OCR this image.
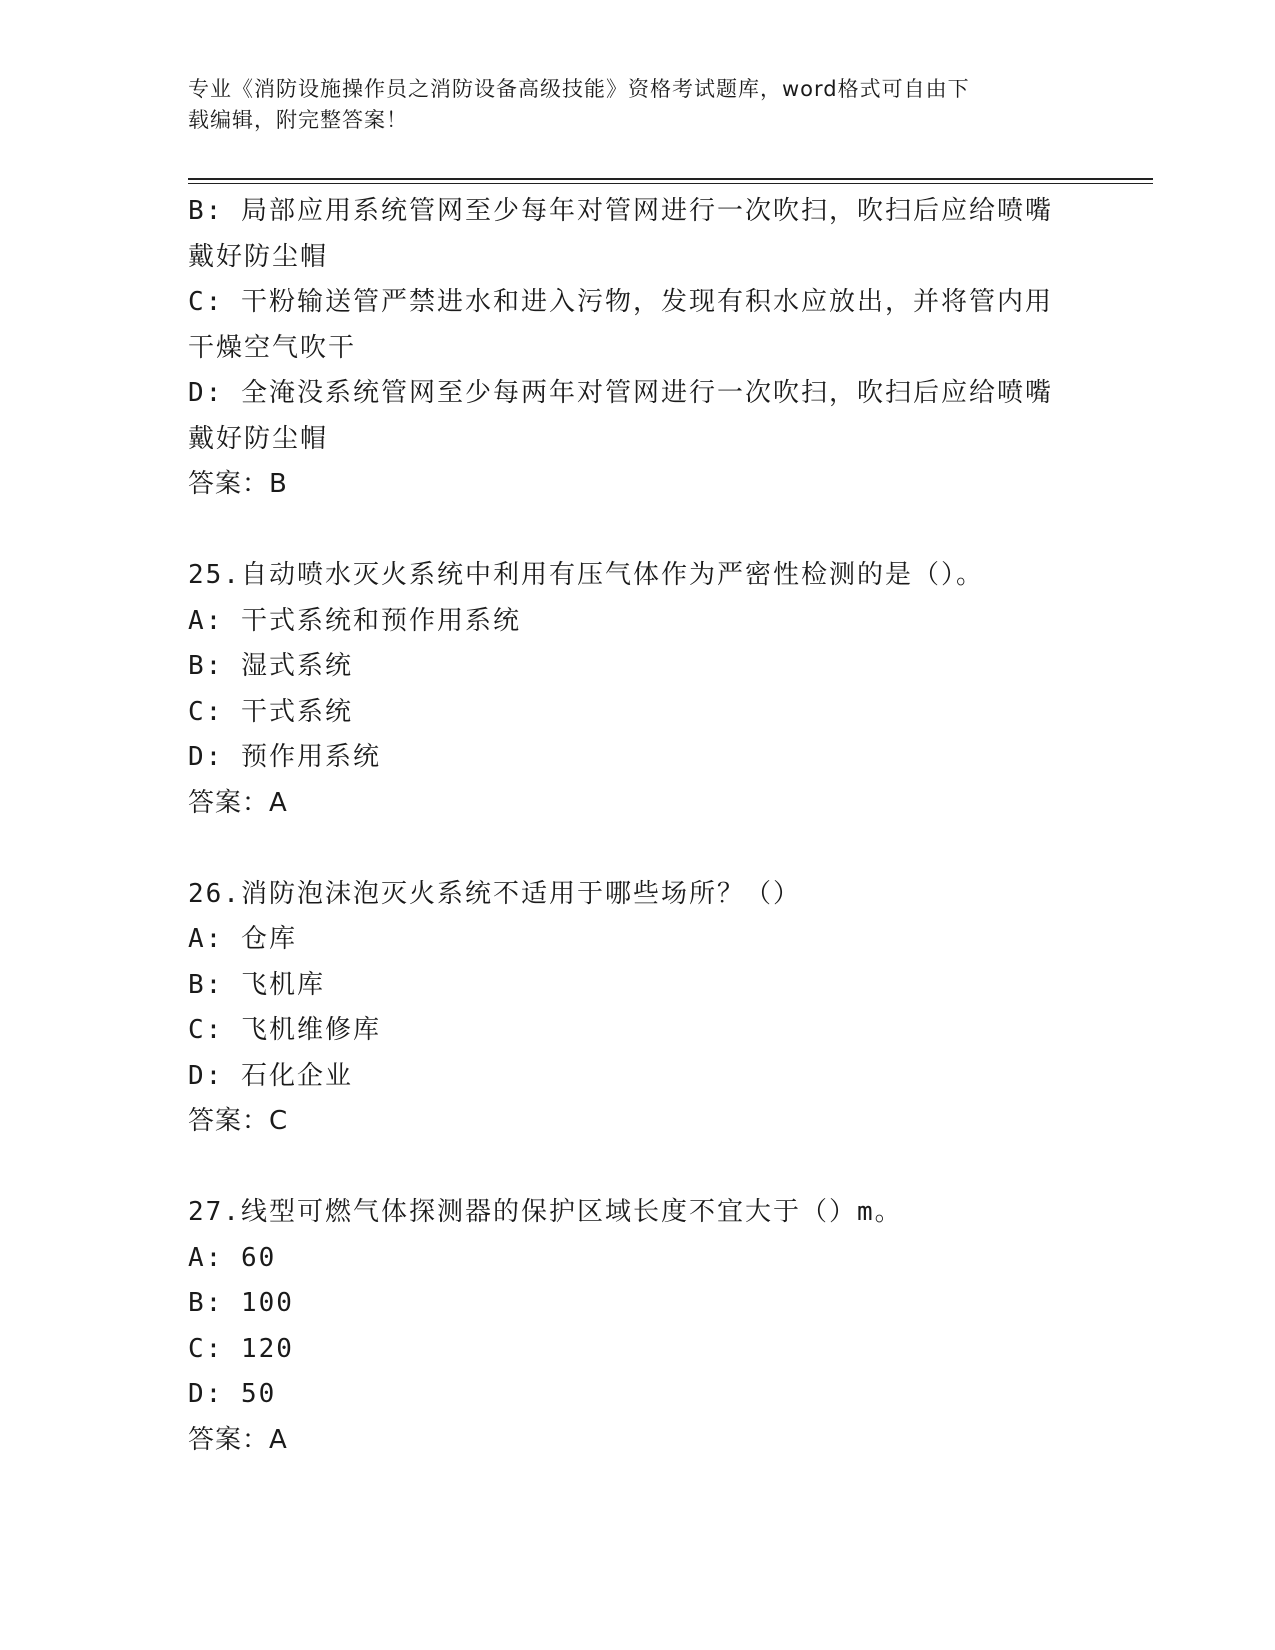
专业《消防设施操作员之消防设备高级技能》资格考试题库，word格式可自由下
载编辑，附完整答案！
B: 局部应用系统管网至少每年对管网进行一次吹扫，吹扫后应给喷嘴
戴好防尘帽
C: 干粉输送管严禁进水和进入污物，发现有积水应放出，并将管内用
干燥空气吹干
D: 全淹没系统管网至少每两年对管网进行一次吹扫，吹扫后应给喷嘴
戴好防尘帽
答案：B
25.自动喷水灭火系统中利用有压气体作为严密性检测的是（）。
A: 干式系统和预作用系统
B: 湿式系统
C: 干式系统
D: 预作用系统
答案：A
26.消防泡沫泡灭火系统不适用于哪些场所？（）
A: 仓库
B: 飞机库
C: 飞机维修库
D: 石化企业
答案：C
27.线型可燃气体探测器的保护区域长度不宜大于（）m。
A: 60
B: 100
C: 120
D: 50
答案：A
